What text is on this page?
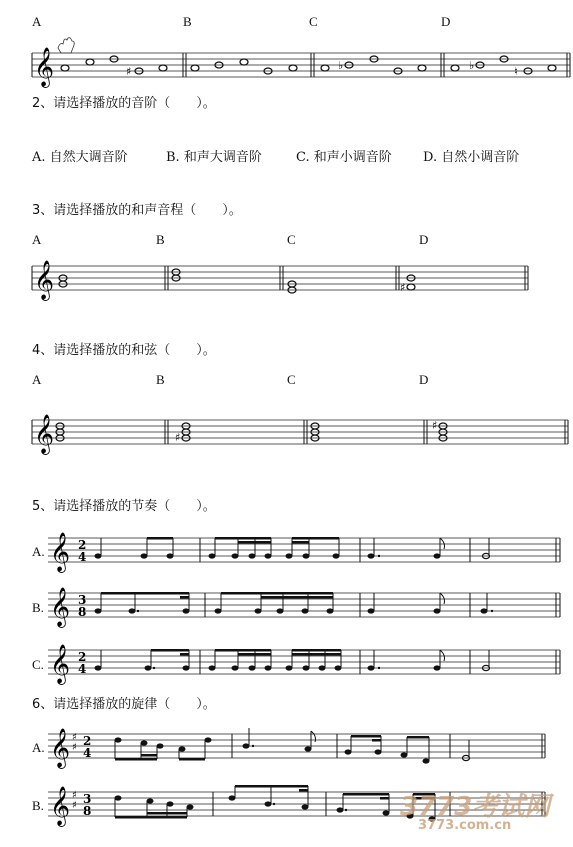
A	B	C	D
𝄞	♯	♭	♭	♮
2、请选择播放的音阶（　　）。
A. 自然大调音阶	B. 和声大调音阶	C. 和声小调音阶 D. 自然小调音阶
3、请选择播放的和声音程（　　）。
A	B	C	D
𝄞	♯
4、请选择播放的和弦（　　）。
A	B	C	D
𝄞	♯
♯
5、请选择播放的节奏（　　）。
A. 𝄞 2
4
B. 𝄞 3
8
C. 𝄞 2
4
6、请选择播放的旋律（　　）。
A. 𝄞 ♯
♯ 2
4
B. 𝄞 ♯
♯ 3
8	3773考试网
3773.com.cn
